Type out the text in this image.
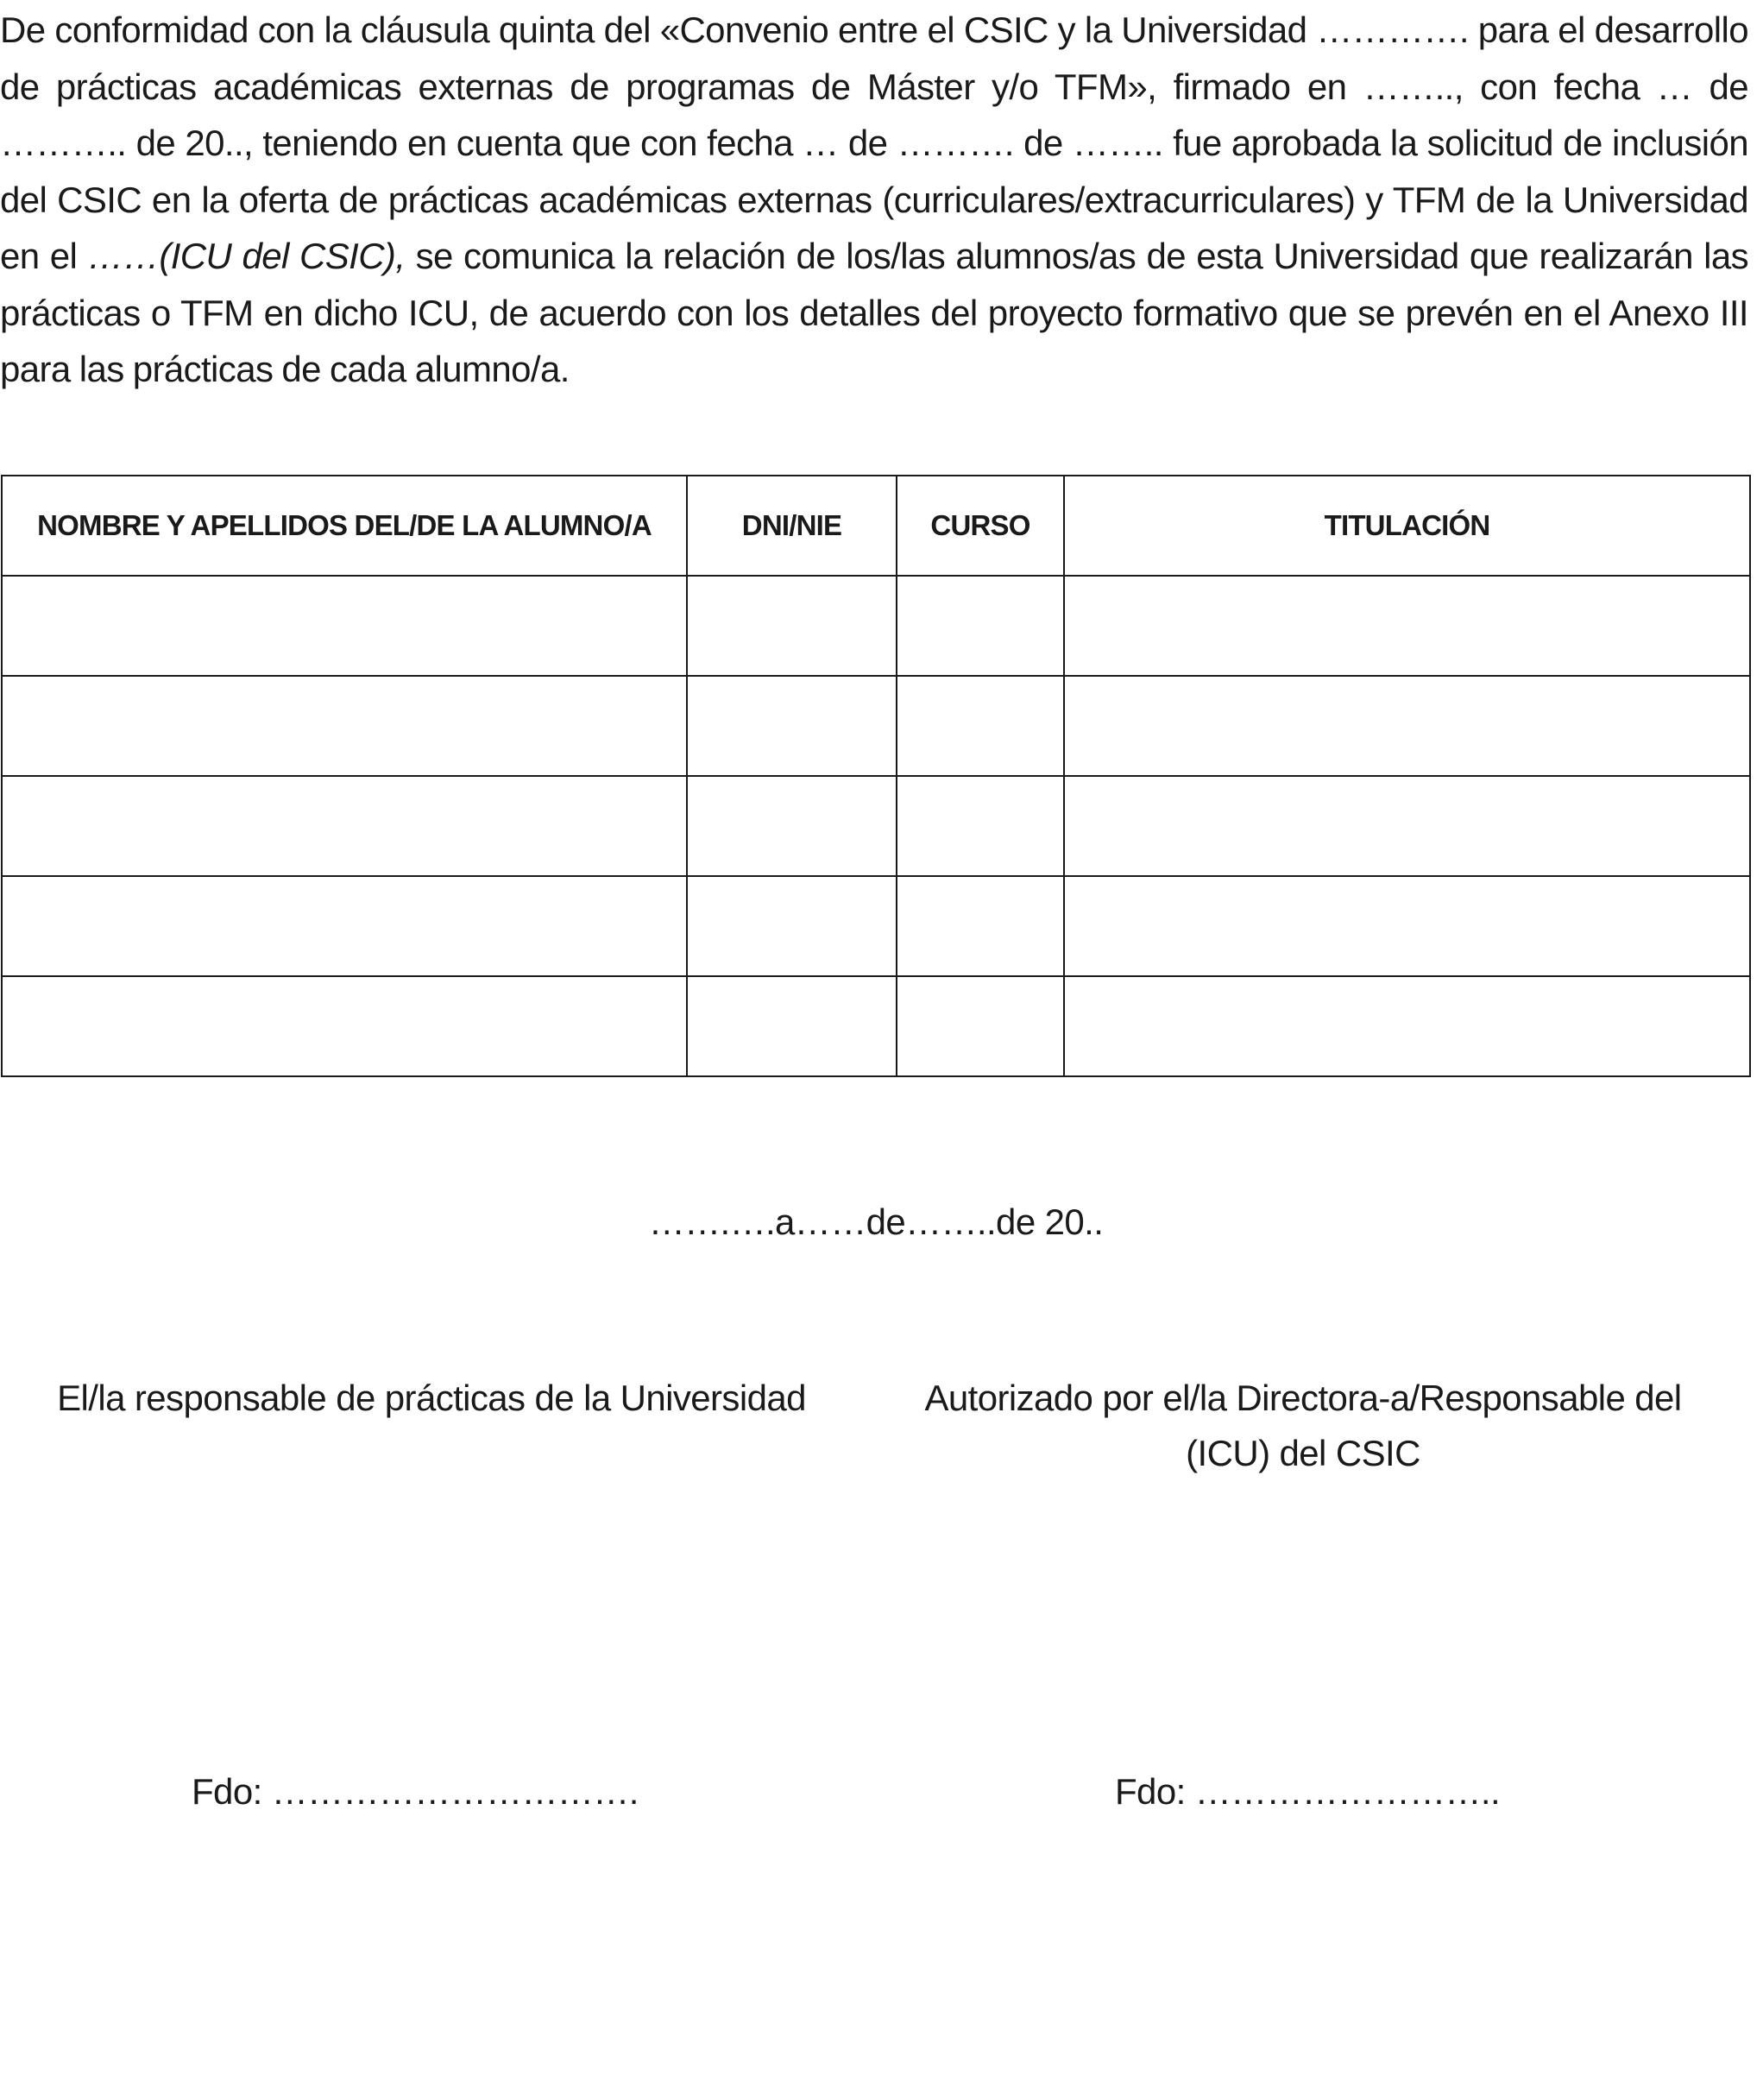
De conformidad con la cláusula quinta del «Convenio entre el CSIC y la Universidad …………. para el desarrollo de prácticas académicas externas de programas de Máster y/o TFM», firmado en …….., con fecha … de ……….. de 20.., teniendo en cuenta que con fecha … de ………. de …….. fue aprobada la solicitud de inclusión del CSIC en la oferta de prácticas académicas externas (curriculares/extracurriculares) y TFM de la Universidad en el ……(ICU del CSIC), se comunica la relación de los/las alumnos/as de esta Universidad que realizarán las prácticas o TFM en dicho ICU, de acuerdo con los detalles del proyecto formativo que se prevén en el Anexo III para las prácticas de cada alumno/a.

NOMBRE Y APELLIDOS DEL/DE LA ALUMNO/A	DNI/NIE	CURSO	TITULACIÓN

…….….a……de……..de 20..
El/la responsable de prácticas de la Universidad	Autorizado por el/la Directora-a/Responsable del
(ICU) del CSIC
Fdo: ………………………….	Fdo: ……………………..
